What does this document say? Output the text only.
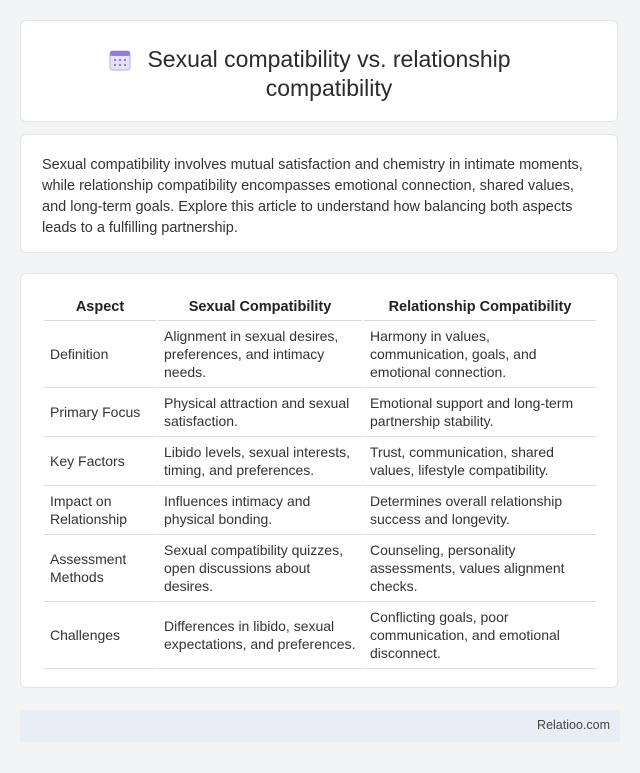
Sexual compatibility vs. relationship compatibility
Sexual compatibility involves mutual satisfaction and chemistry in intimate moments, while relationship compatibility encompasses emotional connection, shared values, and long-term goals. Explore this article to understand how balancing both aspects leads to a fulfilling partnership.
Aspect	Sexual Compatibility	Relationship Compatibility
Definition	Alignment in sexual desires, preferences, and intimacy needs.	Harmony in values, communication, goals, and emotional connection.
Primary Focus	Physical attraction and sexual satisfaction.	Emotional support and long-term partnership stability.
Key Factors	Libido levels, sexual interests, timing, and preferences.	Trust, communication, shared values, lifestyle compatibility.
Impact on Relationship	Influences intimacy and physical bonding.	Determines overall relationship success and longevity.
Assessment Methods	Sexual compatibility quizzes, open discussions about desires.	Counseling, personality assessments, values alignment checks.
Challenges	Differences in libido, sexual expectations, and preferences.	Conflicting goals, poor communication, and emotional disconnect.
Relatioo.com
